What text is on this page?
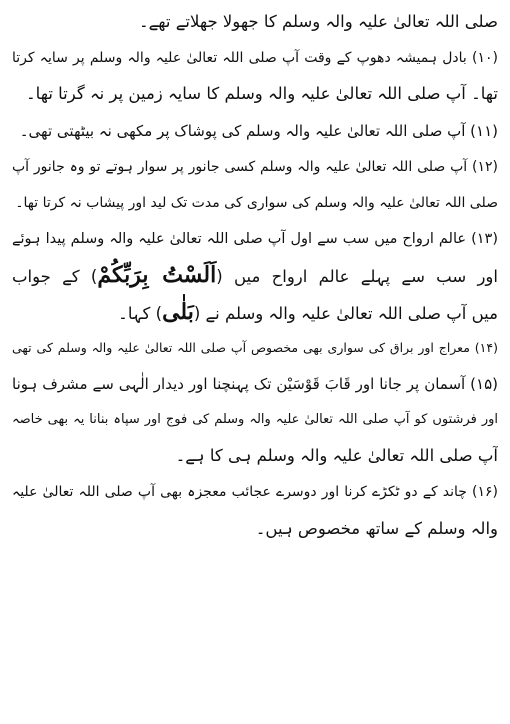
صلی اللہ تعالیٰ علیہ والہ وسلم کا جھولا جھلاتے تھے۔
(۱۰) بادل ہمیشہ دھوپ کے وقت آپ صلی اللہ تعالیٰ علیہ والہ وسلم پر سایہ کرتا
تھا۔ آپ صلی اللہ تعالیٰ علیہ والہ وسلم کا سایہ زمین پر نہ گرتا تھا۔
(۱۱) آپ صلی اللہ تعالیٰ علیہ والہ وسلم کی پوشاک پر مکھی نہ بیٹھتی تھی۔
(۱۲) آپ صلی اللہ تعالیٰ علیہ والہ وسلم کسی جانور پر سوار ہوتے تو وہ جانور آپ
صلی اللہ تعالیٰ علیہ والہ وسلم کی سواری کی مدت تک لید اور پیشاب نہ کرتا تھا۔
(۱۳) عالم ارواح میں سب سے اول آپ صلی اللہ تعالیٰ علیہ والہ وسلم پیدا ہوئے
اور سب سے پہلے عالم ارواح میں (اَلَسْتُ بِرَبِّکُمْ) کے جواب
میں آپ صلی اللہ تعالیٰ علیہ والہ وسلم نے (بَلٰی) کہا۔
(۱۴) معراج اور براق کی سواری بھی مخصوص آپ صلی اللہ تعالیٰ علیہ والہ وسلم کی تھی
(۱۵) آسمان پر جانا اور قَابَ قَوْسَیْن تک پہنچنا اور دیدار الٰہی سے مشرف ہونا
اور فرشتوں کو آپ صلی اللہ تعالیٰ علیہ والہ وسلم کی فوج اور سپاہ بنانا یہ بھی خاصہ
آپ صلی اللہ تعالیٰ علیہ والہ وسلم ہی کا ہے۔
(۱۶) چاند کے دو ٹکڑے کرنا اور دوسرے عجائب معجزہ بھی آپ صلی اللہ تعالیٰ علیہ
والہ وسلم کے ساتھ مخصوص ہیں۔
